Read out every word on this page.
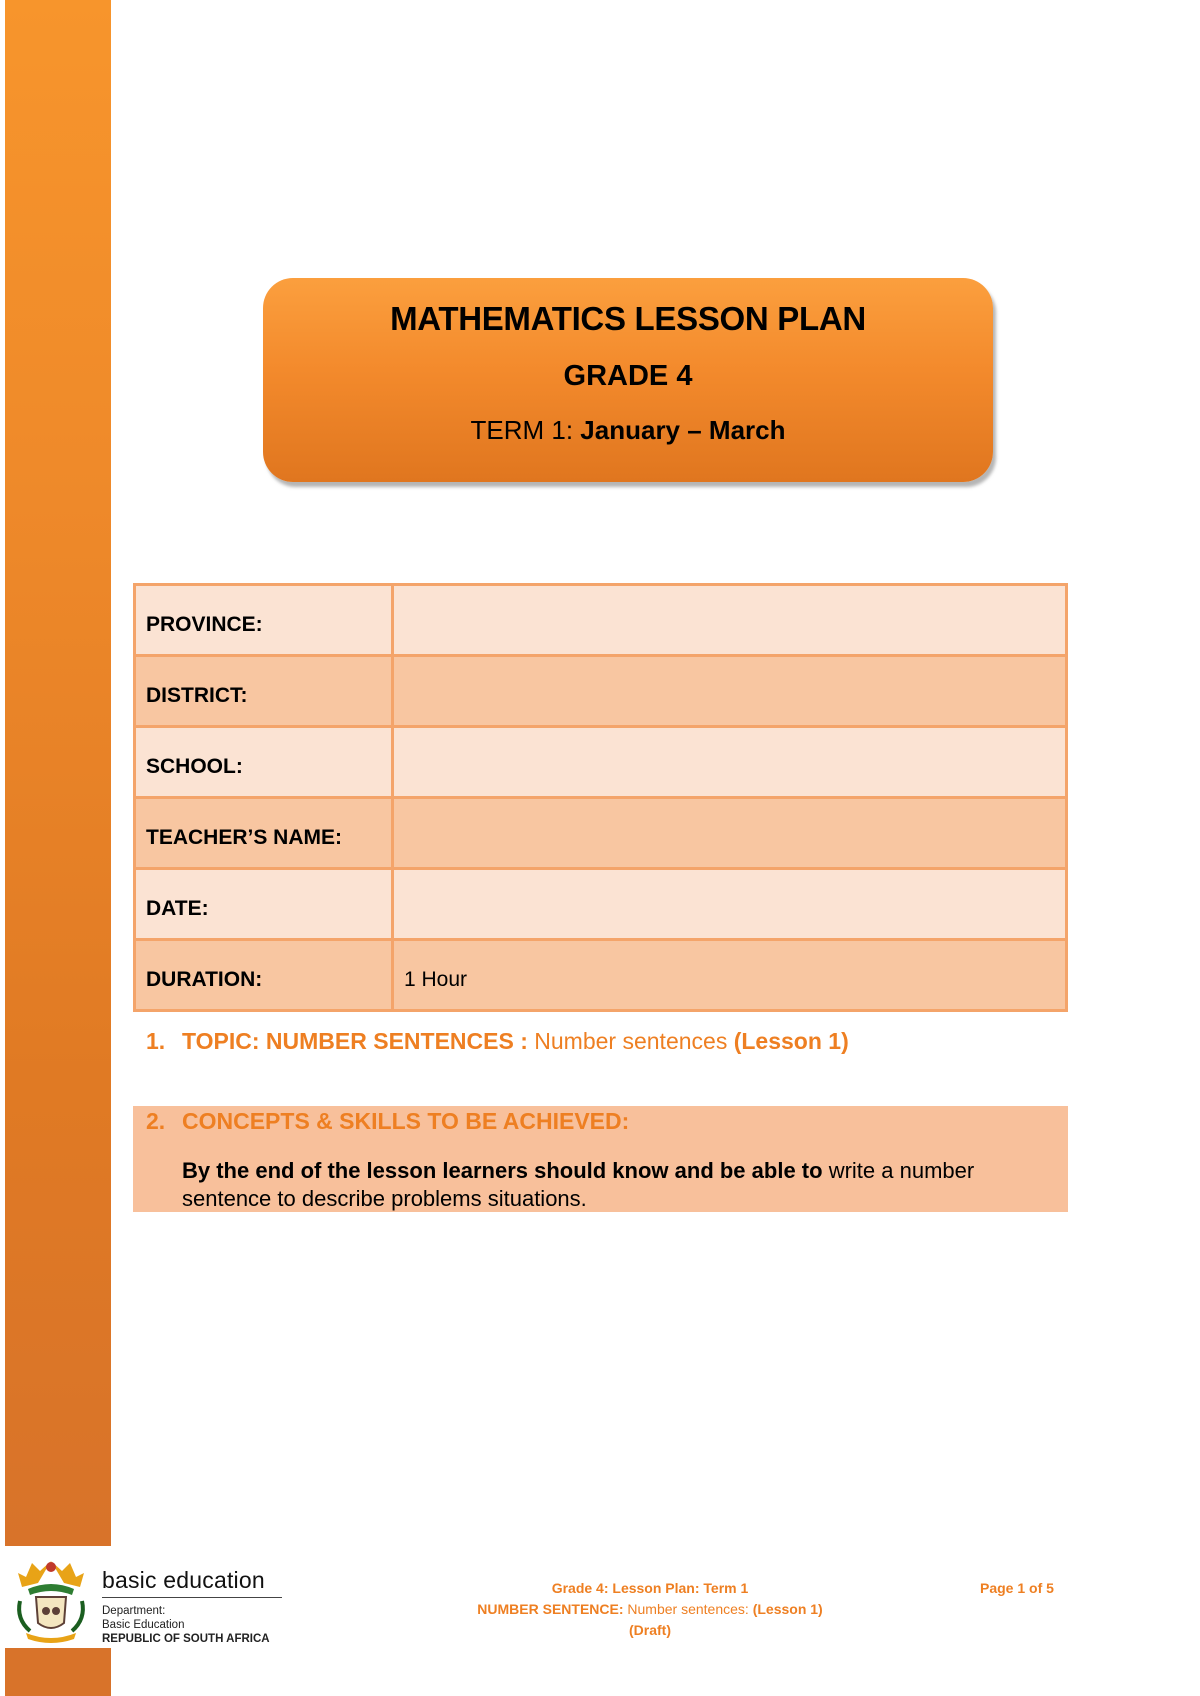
MATHEMATICS LESSON PLAN
GRADE 4
TERM 1: January – March
PROVINCE:	
DISTRICT:	
SCHOOL:	
TEACHER’S NAME:	
DATE:	
DURATION:	1 Hour
1. TOPIC: NUMBER SENTENCES : Number sentences (Lesson 1)
2. CONCEPTS & SKILLS TO BE ACHIEVED:
By the end of the lesson learners should know and be able to write a number sentence to describe problems situations.
basic education
Department:
Basic Education
REPUBLIC OF SOUTH AFRICA
Grade 4: Lesson Plan: Term 1
NUMBER SENTENCE: Number sentences: (Lesson 1)
(Draft)
Page 1 of 5
